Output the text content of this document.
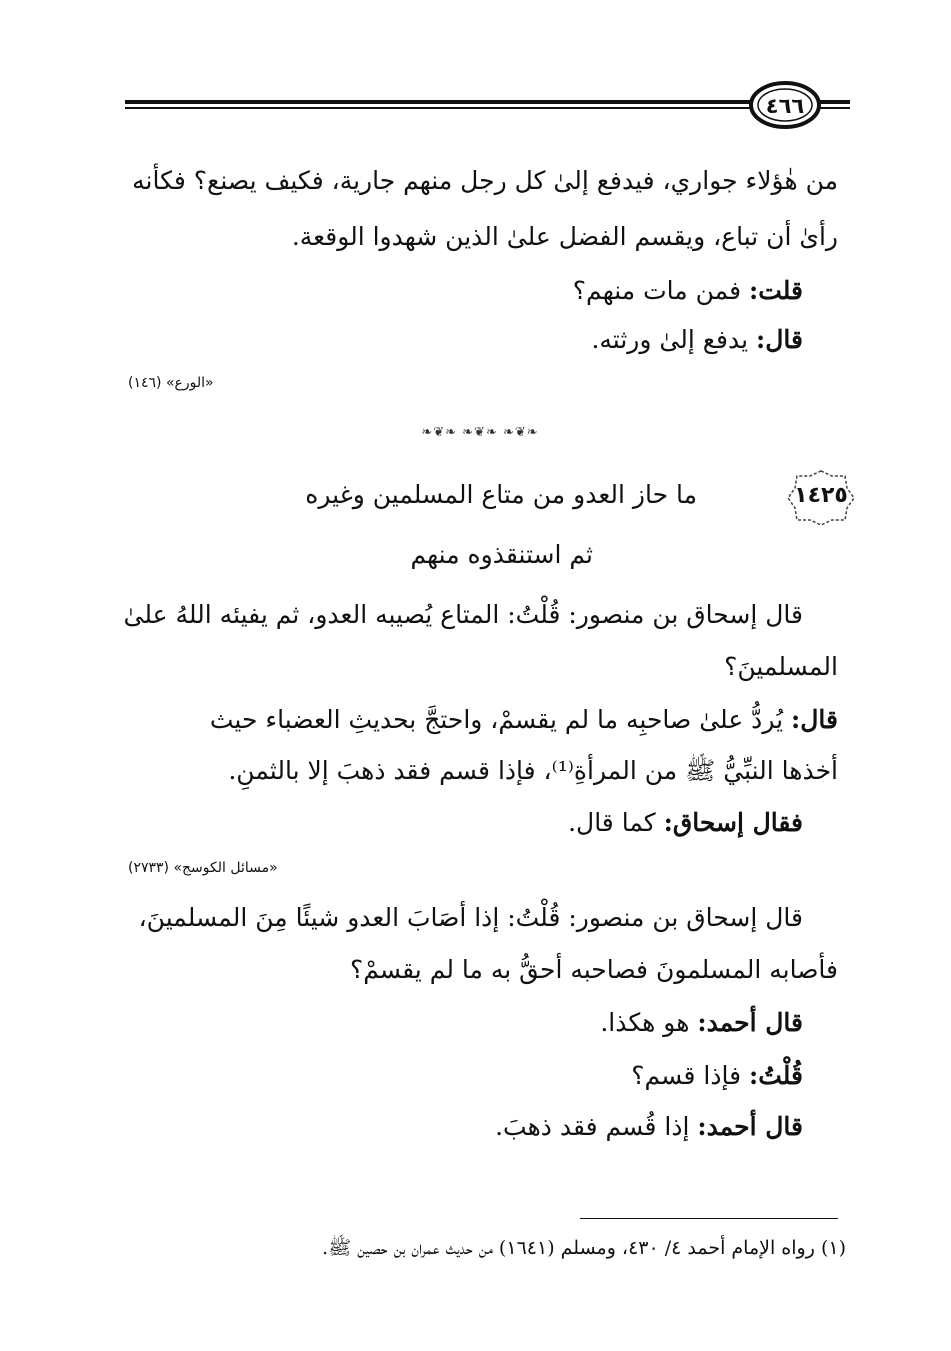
٤٦٦
من هٰؤلاء جواري، فيدفع إلىٰ كل رجل منهم جارية، فكيف يصنع؟ فكأنه
رأىٰ أن تباع، ويقسم الفضل علىٰ الذين شهدوا الوقعة.
قلت: فمن مات منهم؟
قال: يدفع إلىٰ ورثته.
«الورع» (١٤٦)
❧❦❧ ❧❦❧ ❧❦❧
١٤٢٥
ما حاز العدو من متاع المسلمين وغيره
ثم استنقذوه منهم
قال إسحاق بن منصور: قُلْتُ: المتاع يُصيبه العدو، ثم يفيئه اللهُ علىٰ
المسلمينَ؟
قال: يُردُّ علىٰ صاحبِه ما لم يقسمْ، واحتجَّ بحديثِ العضباء حيث
أخذها النبِّيُّ ﷺ من المرأةِ⁽¹⁾، فإذا قسم فقد ذهبَ إلا بالثمنِ.
فقال إسحاق: كما قال.
«مسائل الكوسج» (٢٧٣٣)
قال إسحاق بن منصور: قُلْتُ: إذا أصَابَ العدو شيئًا مِنَ المسلمينَ،
فأصابه المسلمونَ فصاحبه أحقُّ به ما لم يقسمْ؟
قال أحمد: هو هكذا.
قُلْتُ: فإذا قسم؟
قال أحمد: إذا قُسم فقد ذهبَ.
(١) رواه الإمام أحمد ٤/ ٤٣٠، ومسلم (١٦٤١) من حديث عمران بن حصين ﷺ.
